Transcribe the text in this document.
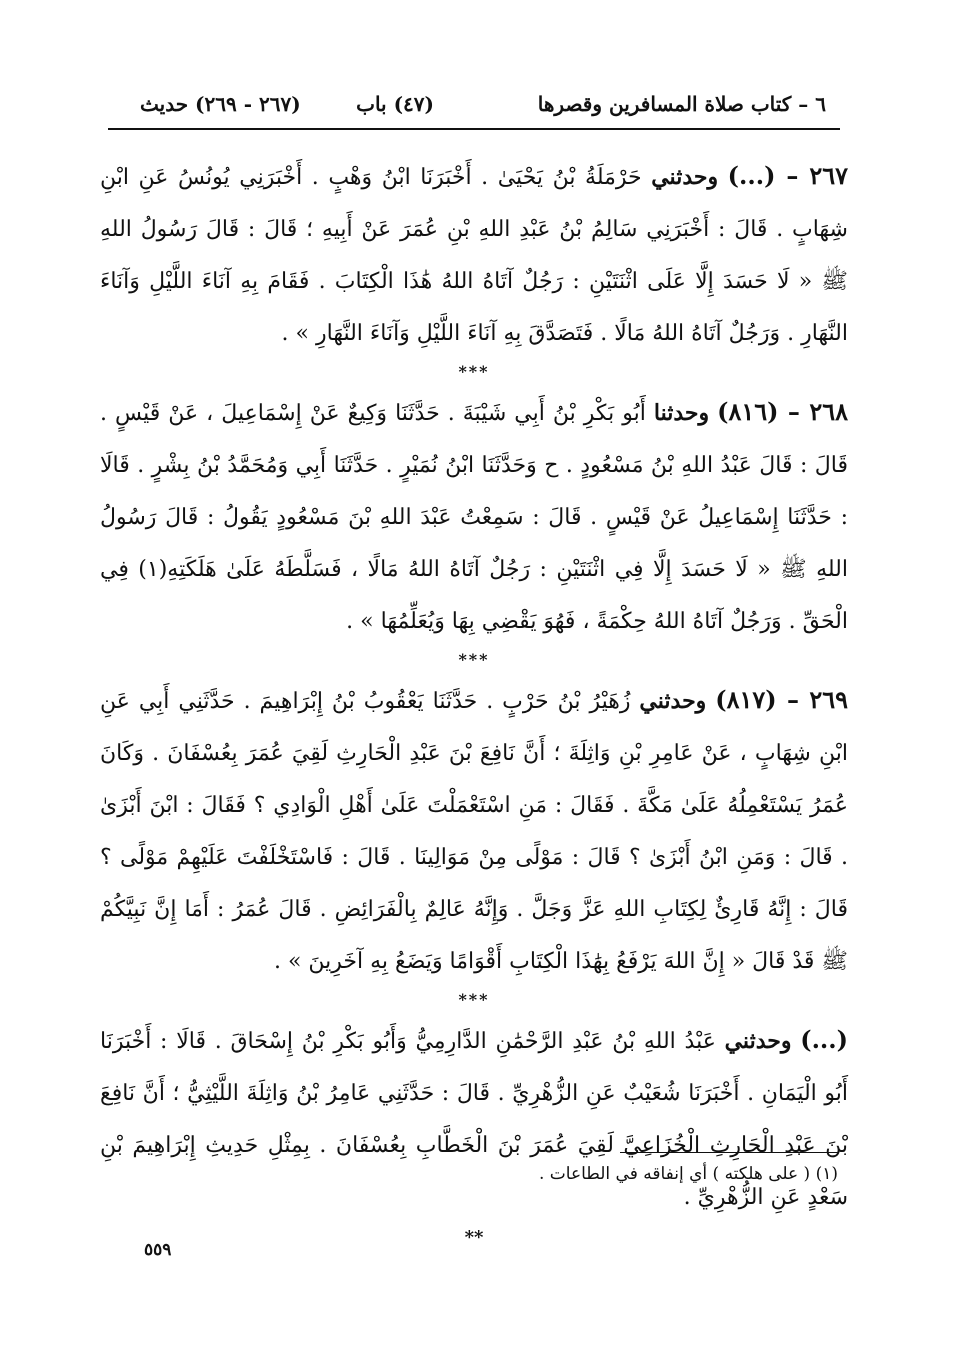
٦ – كتاب صلاة المسافرين وقصرها
(٤٧) باب
(٢٦٧ - ٢٦٩) حديث

٢٦٧ – (...) وحدثني حَرْمَلَةُ بْنُ يَحْيَىٰ . أَخْبَرَنَا ابْنُ وَهْبٍ . أَخْبَرَنِي يُونُسُ عَنِ ابْنِ شِهَابٍ . قَالَ : أَخْبَرَنِي سَالِمُ بْنُ عَبْدِ اللهِ بْنِ عُمَرَ عَنْ أَبِيهِ ؛ قَالَ : قَالَ رَسُولُ اللهِ ﷺ « لَا حَسَدَ إِلَّا عَلَى اثْنَتَيْنِ : رَجُلٌ آتَاهُ اللهُ هَٰذَا الْكِتَابَ . فَقَامَ بِهِ آنَاءَ اللَّيْلِ وَآنَاءَ النَّهَارِ . وَرَجُلٌ آتَاهُ اللهُ مَالًا . فَتَصَدَّقَ بِهِ آنَاءَ اللَّيْلِ وَآنَاءَ النَّهَارِ » .

***

٢٦٨ – (٨١٦) وحدثنا أَبُو بَكْرِ بْنُ أَبِي شَيْبَةَ . حَدَّثَنَا وَكِيعٌ عَنْ إِسْمَاعِيلَ ، عَنْ قَيْسٍ . قَالَ : قَالَ عَبْدُ اللهِ بْنُ مَسْعُودٍ . ح وَحَدَّثَنَا ابْنُ نُمَيْرٍ . حَدَّثَنَا أَبِي وَمُحَمَّدُ بْنُ بِشْرٍ . قَالَا : حَدَّثَنَا إِسْمَاعِيلُ عَنْ قَيْسٍ . قَالَ : سَمِعْتُ عَبْدَ اللهِ بْنَ مَسْعُودٍ يَقُولُ : قَالَ رَسُولُ اللهِ ﷺ « لَا حَسَدَ إِلَّا فِي اثْنَتَيْنِ : رَجُلٌ آتَاهُ اللهُ مَالًا ، فَسَلَّطَهُ عَلَىٰ هَلَكَتِهِ(١) فِي الْحَقِّ . وَرَجُلٌ آتَاهُ اللهُ حِكْمَةً ، فَهُوَ يَقْضِي بِهَا وَيُعَلِّمُهَا » .

***

٢٦٩ – (٨١٧) وحدثني زُهَيْرُ بْنُ حَرْبٍ . حَدَّثَنَا يَعْقُوبُ بْنُ إِبْرَاهِيمَ . حَدَّثَنِي أَبِي عَنِ ابْنِ شِهَابٍ ، عَنْ عَامِرِ بْنِ وَاثِلَةَ ؛ أَنَّ نَافِعَ بْنَ عَبْدِ الْحَارِثِ لَقِيَ عُمَرَ بِعُسْفَانَ . وَكَانَ عُمَرُ يَسْتَعْمِلُهُ عَلَىٰ مَكَّةَ . فَقَالَ : مَنِ اسْتَعْمَلْتَ عَلَىٰ أَهْلِ الْوَادِي ؟ فَقَالَ : ابْنَ أَبْزَىٰ . قَالَ : وَمَنِ ابْنُ أَبْزَىٰ ؟ قَالَ : مَوْلًى مِنْ مَوَالِينَا . قَالَ : فَاسْتَخْلَفْتَ عَلَيْهِمْ مَوْلًى ؟ قَالَ : إِنَّهُ قَارِئٌ لِكِتَابِ اللهِ عَزَّ وَجَلَّ . وَإِنَّهُ عَالِمٌ بِالْفَرَائِضِ . قَالَ عُمَرُ : أَمَا إِنَّ نَبِيَّكُمْ ﷺ قَدْ قَالَ « إِنَّ اللهَ يَرْفَعُ بِهَٰذَا الْكِتَابِ أَقْوَامًا وَيَضَعُ بِهِ آخَرِينَ » .

***

(...) وحدثني عَبْدُ اللهِ بْنُ عَبْدِ الرَّحْمَٰنِ الدَّارِمِيُّ وَأَبُو بَكْرِ بْنُ إِسْحَاقَ . قَالَا : أَخْبَرَنَا أَبُو الْيَمَانِ . أَخْبَرَنَا شُعَيْبٌ عَنِ الزُّهْرِيِّ . قَالَ : حَدَّثَنِي عَامِرُ بْنُ وَاثِلَةَ اللَّيْثِيُّ ؛ أَنَّ نَافِعَ بْنَ عَبْدِ الْحَارِثِ الْخُزَاعِيَّ لَقِيَ عُمَرَ بْنَ الْخَطَّابِ بِعُسْفَانَ . بِمِثْلِ حَدِيثِ إِبْرَاهِيمَ بْنِ سَعْدٍ عَنِ الزُّهْرِيِّ .

**
(١) ( على هلكته ) أي إنفاقه في الطاعات .
٥٥٩
